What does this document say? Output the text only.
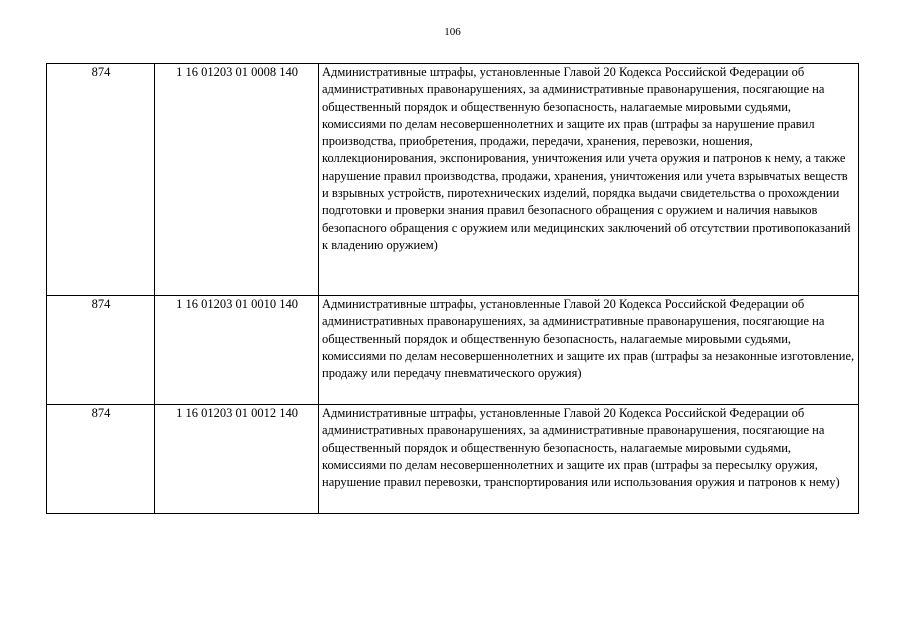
106
874	1 16 01203 01 0008 140	Административные штрафы, установленные Главой 20 Кодекса Российской Федерации об административных правонарушениях, за административные правонарушения, посягающие на общественный порядок и общественную безопасность, налагаемые мировыми судьями, комиссиями по делам несовершеннолетних и защите их прав (штрафы за нарушение правил производства, приобретения, продажи, передачи, хранения, перевозки, ношения, коллекционирования, экспонирования, уничтожения или учета оружия и патронов к нему, а также нарушение правил производства, продажи, хранения, уничтожения или учета взрывчатых веществ и взрывных устройств, пиротехнических изделий, порядка выдачи свидетельства о прохождении подготовки и проверки знания правил безопасного обращения с оружием и наличия навыков безопасного обращения с оружием или медицинских заключений об отсутствии противопоказаний к владению оружием)
874	1 16 01203 01 0010 140	Административные штрафы, установленные Главой 20 Кодекса Российской Федерации об административных правонарушениях, за административные правонарушения, посягающие на общественный порядок и общественную безопасность, налагаемые мировыми судьями, комиссиями по делам несовершеннолетних и защите их прав (штрафы за незаконные изготовление, продажу или передачу пневматического оружия)
874	1 16 01203 01 0012 140	Административные штрафы, установленные Главой 20 Кодекса Российской Федерации об административных правонарушениях, за административные правонарушения, посягающие на общественный порядок и общественную безопасность, налагаемые мировыми судьями, комиссиями по делам несовершеннолетних и защите их прав (штрафы за пересылку оружия, нарушение правил перевозки, транспортирования или использования оружия и патронов к нему)
